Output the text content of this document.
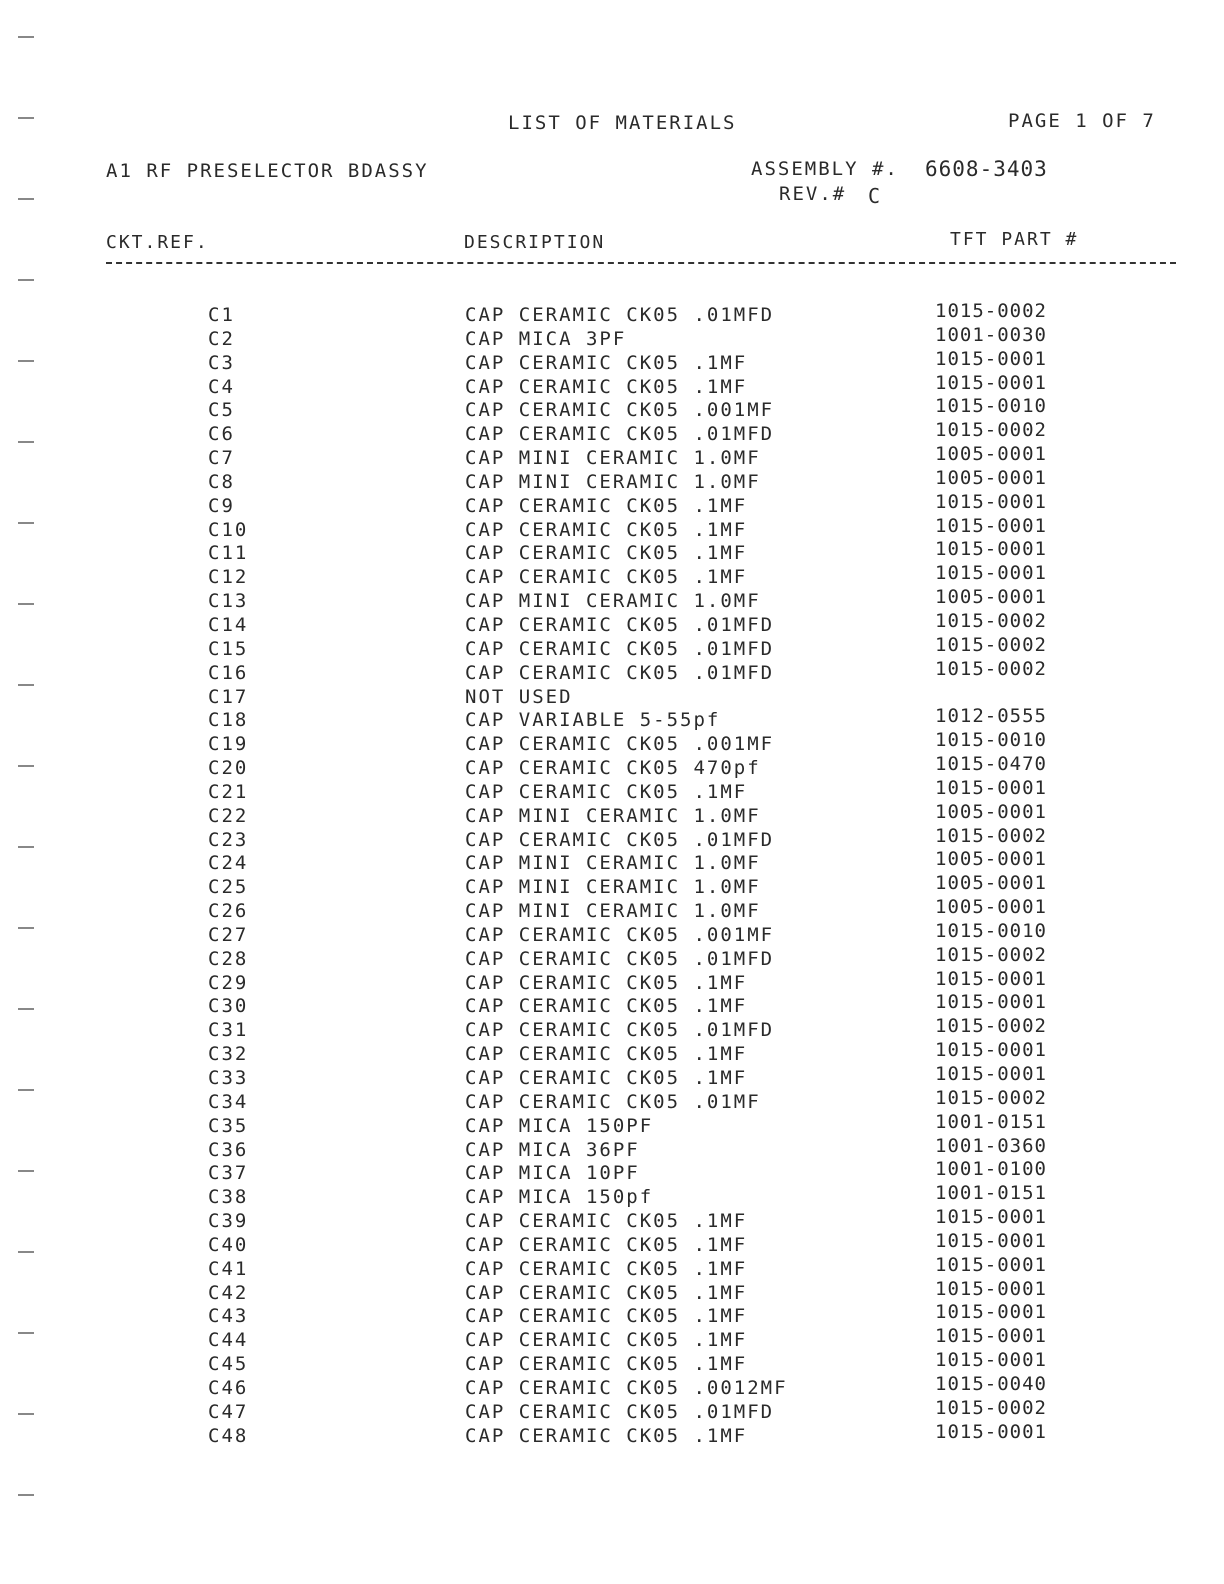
LIST OF MATERIALS	PAGE 1 OF 7
A1 RF PRESELECTOR BDASSY	ASSEMBLY #. 6608-3403
REV.# C
CKT.REF.	DESCRIPTION	TFT PART #
C1	CAP CERAMIC CK05 .01MFD	1015-0002
C2	CAP MICA 3PF	1001-0030
C3	CAP CERAMIC CK05 .1MF	1015-0001
C4	CAP CERAMIC CK05 .1MF	1015-0001
C5	CAP CERAMIC CK05 .001MF	1015-0010
C6	CAP CERAMIC CK05 .01MFD	1015-0002
C7	CAP MINI CERAMIC 1.0MF	1005-0001
C8	CAP MINI CERAMIC 1.0MF	1005-0001
C9	CAP CERAMIC CK05 .1MF	1015-0001
C10	CAP CERAMIC CK05 .1MF	1015-0001
C11	CAP CERAMIC CK05 .1MF	1015-0001
C12	CAP CERAMIC CK05 .1MF	1015-0001
C13	CAP MINI CERAMIC 1.0MF	1005-0001
C14	CAP CERAMIC CK05 .01MFD	1015-0002
C15	CAP CERAMIC CK05 .01MFD	1015-0002
C16	CAP CERAMIC CK05 .01MFD	1015-0002
C17	NOT USED
C18	CAP VARIABLE 5-55pf	1012-0555
C19	CAP CERAMIC CK05 .001MF	1015-0010
C20	CAP CERAMIC CK05 470pf	1015-0470
C21	CAP CERAMIC CK05 .1MF	1015-0001
C22	CAP MINI CERAMIC 1.0MF	1005-0001
C23	CAP CERAMIC CK05 .01MFD	1015-0002
C24	CAP MINI CERAMIC 1.0MF	1005-0001
C25	CAP MINI CERAMIC 1.0MF	1005-0001
C26	CAP MINI CERAMIC 1.0MF	1005-0001
C27	CAP CERAMIC CK05 .001MF	1015-0010
C28	CAP CERAMIC CK05 .01MFD	1015-0002
C29	CAP CERAMIC CK05 .1MF	1015-0001
C30	CAP CERAMIC CK05 .1MF	1015-0001
C31	CAP CERAMIC CK05 .01MFD	1015-0002
C32	CAP CERAMIC CK05 .1MF	1015-0001
C33	CAP CERAMIC CK05 .1MF	1015-0001
C34	CAP CERAMIC CK05 .01MF	1015-0002
C35	CAP MICA 150PF	1001-0151
C36	CAP MICA 36PF	1001-0360
C37	CAP MICA 10PF	1001-0100
C38	CAP MICA 150pf	1001-0151
C39	CAP CERAMIC CK05 .1MF	1015-0001
C40	CAP CERAMIC CK05 .1MF	1015-0001
C41	CAP CERAMIC CK05 .1MF	1015-0001
C42	CAP CERAMIC CK05 .1MF	1015-0001
C43	CAP CERAMIC CK05 .1MF	1015-0001
C44	CAP CERAMIC CK05 .1MF	1015-0001
C45	CAP CERAMIC CK05 .1MF	1015-0001
C46	CAP CERAMIC CK05 .0012MF	1015-0040
C47	CAP CERAMIC CK05 .01MFD	1015-0002
C48	CAP CERAMIC CK05 .1MF	1015-0001
